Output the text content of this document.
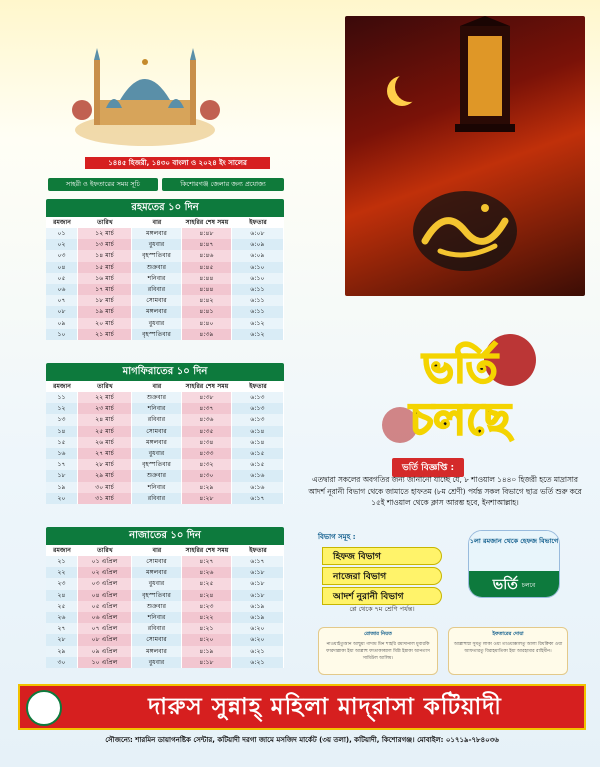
১৪৪৫ হিজরী, ১৪৩০ বাংলা ও ২০২৪ ইং সালের
সাহরী ও ইফতারের সময় সূচি	কিশোরগঞ্জ জেলার জন্য প্রযোজ্য
রহমতের ১০ দিন
রমজান	তারিখ	বার	সাহরির শেষ সময়	ইফতার
০১	১২ মার্চ	মঙ্গলবার	৪:৪৮	৬:০৮
০২	১৩ মার্চ	বুধবার	৪:৪৭	৬:০৯
০৩	১৪ মার্চ	বৃহস্পতিবার	৪:৪৬	৬:০৯
০৪	১৫ মার্চ	শুক্রবার	৪:৪৫	৬:১০
০৫	১৬ মার্চ	শনিবার	৪:৪৪	৬:১০
০৬	১৭ মার্চ	রবিবার	৪:৪৪	৬:১১
০৭	১৮ মার্চ	সোমবার	৪:৪২	৬:১১
০৮	১৯ মার্চ	মঙ্গলবার	৪:৪১	৬:১১
০৯	২০ মার্চ	বুধবার	৪:৪০	৬:১২
১০	২১ মার্চ	বৃহস্পতিবার	৪:৩৯	৬:১২
মাগফিরাতের ১০ দিন
রমজান	তারিখ	বার	সাহরির শেষ সময়	ইফতার
১১	২২ মার্চ	শুক্রবার	৪:৩৮	৬:১৩
১২	২৩ মার্চ	শনিবার	৪:৩৭	৬:১৩
১৩	২৪ মার্চ	রবিবার	৪:৩৬	৬:১৩
১৪	২৫ মার্চ	সোমবার	৪:৩৫	৬:১৪
১৫	২৬ মার্চ	মঙ্গলবার	৪:৩৪	৬:১৪
১৬	২৭ মার্চ	বুধবার	৪:৩৩	৬:১৫
১৭	২৮ মার্চ	বৃহস্পতিবার	৪:৩২	৬:১৫
১৮	২৯ মার্চ	শুক্রবার	৪:৩০	৬:১৬
১৯	৩০ মার্চ	শনিবার	৪:২৯	৬:১৬
২০	৩১ মার্চ	রবিবার	৪:২৮	৬:১৭
নাজাতের ১০ দিন
রমজান	তারিখ	বার	সাহরির শেষ সময়	ইফতার
২১	০১ এপ্রিল	সোমবার	৪:২৭	৬:১৭
২২	০২ এপ্রিল	মঙ্গলবার	৪:২৬	৬:১৮
২৩	০৩ এপ্রিল	বুধবার	৪:২৫	৬:১৮
২৪	০৪ এপ্রিল	বৃহস্পতিবার	৪:২৪	৬:১৮
২৫	০৫ এপ্রিল	শুক্রবার	৪:২৩	৬:১৯
২৬	০৬ এপ্রিল	শনিবার	৪:২২	৬:১৯
২৭	০৭ এপ্রিল	রবিবার	৪:২১	৬:২০
২৮	০৮ এপ্রিল	সোমবার	৪:২০	৬:২০
২৯	০৯ এপ্রিল	মঙ্গলবার	৪:১৯	৬:২১
৩০	১০ এপ্রিল	বুধবার	৪:১৮	৬:২১
ভর্তি
চলছে
ভর্তি বিজ্ঞপ্তি :
এতদ্বারা সকলের অবগতির জন্য জানানো যাচ্ছে যে, ৮ শাওয়াল ১৪৪০ হিজরী হতে মাদ্রাসার আদর্শ নূরানী বিভাগ থেকে জামাতে হাফতম (৮ম শ্রেণী) পর্যন্ত সকল বিভাগে ছাত্র ভর্তি শুরু করে ১৫ই শাওয়াল থেকে ক্লাস আরম্ভ হবে, ইনশাআল্লাহ।
বিভাগ সমূহ :
হিফজ বিভাগ
নাজেরা বিভাগ
আদর্শ নুরানী বিভাগ
প্লে থেকে ৭ম শ্রেণি পর্যন্ত।
১লা রমজান থেকে হেফজ বিভাগে
ভর্তি চলবে
রোজার নিয়ত
নাওয়াইতুআন আছুমা গাদাম মিন শাহরি রমাদানাল মুবারকি ফারদাল্লাকা ইয়া আল্লাহু ফাতাকাব্বাল মিন্নি ইন্নাকা আনতাস সামিউল আলিম।
ইফতারের দোয়া
আল্লাহুম্মা সুমতু লাকা ওয়া তাওয়াক্কালতু আলা রিযক্বিকা ওয়া আফতারতু বিরাহমাতিকা ইয়া আরহামার রাহিমীন।
দারুস সুন্নাহ্ মহিলা মাদ্‌রাসা কটিয়াদী
সৌজন্যে: শারমিন ডায়াগনষ্টিক সেন্টার, কটিয়াদী দরগা জামে মসজিদ মার্কেট (৩য় তলা), কটিয়াদী, কিশোরগঞ্জ। মোবাইল: ০১৭১৯-৭৮৪০৩৬
